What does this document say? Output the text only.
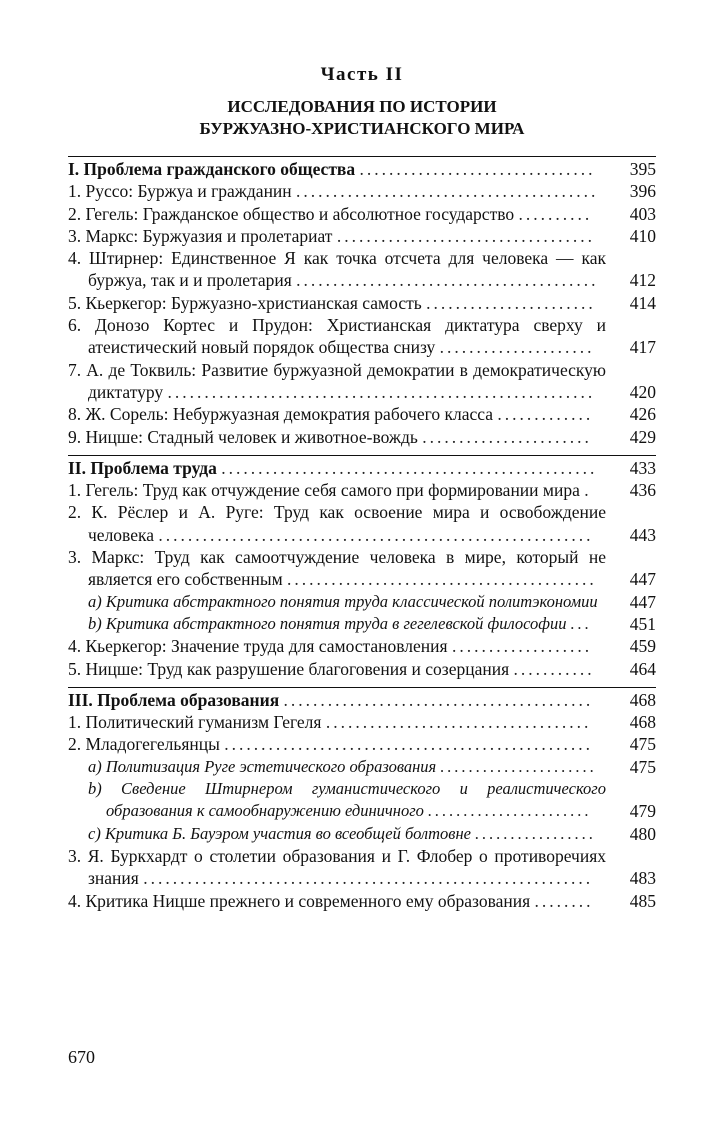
Часть II
ИССЛЕДОВАНИЯ ПО ИСТОРИИ
БУРЖУАЗНО-ХРИСТИАНСКОГО МИРА
I. Проблема гражданского общества ................................	395
1. Руссо: Буржуа и гражданин .........................................	396
2. Гегель: Гражданское общество и абсолютное государство ..........	403
3. Маркс: Буржуазия и пролетариат ...................................	410
4. Штирнер: Единственное Я как точка отсчета для человека — как буржуа, так и и пролетария .........................................	412
5. Кьеркегор: Буржуазно-христианская самость .......................	414
6. Донозо Кортес и Прудон: Христианская диктатура сверху и атеистический новый порядок общества снизу .....................	417
7. А. де Токвиль: Развитие буржуазной демократии в демократическую диктатуру ..........................................................	420
8. Ж. Сорель: Небуржуазная демократия рабочего класса .............	426
9. Ницше: Стадный человек и животное-вождь .......................	429
II. Проблема труда ...................................................	433
1. Гегель: Труд как отчуждение себя самого при формировании мира .	436
2. К. Рёслер и А. Руге: Труд как освоение мира и освобождение человека ...........................................................	443
3. Маркс: Труд как самоотчуждение человека в мире, который не является его собственным ..........................................	447
a) Критика абстрактного понятия труда классической политэкономии	447
b) Критика абстрактного понятия труда в гегелевской философии ...	451
4. Кьеркегор: Значение труда для самостановления ...................	459
5. Ницше: Труд как разрушение благоговения и созерцания ...........	464
III. Проблема образования ..........................................	468
1. Политический гуманизм Гегеля ....................................	468
2. Младогегельянцы ..................................................	475
a) Политизация Руге эстетического образования ......................	475
b) Сведение Штирнером гуманистического и реалистического образования к самообнаружению единичного .......................	479
c) Критика Б. Бауэром участия во всеобщей болтовне .................	480
3. Я. Буркхардт о столетии образования и Г. Флобер о противоречиях знания .............................................................	483
4. Критика Ницше прежнего и современного ему образования ........	485
670
